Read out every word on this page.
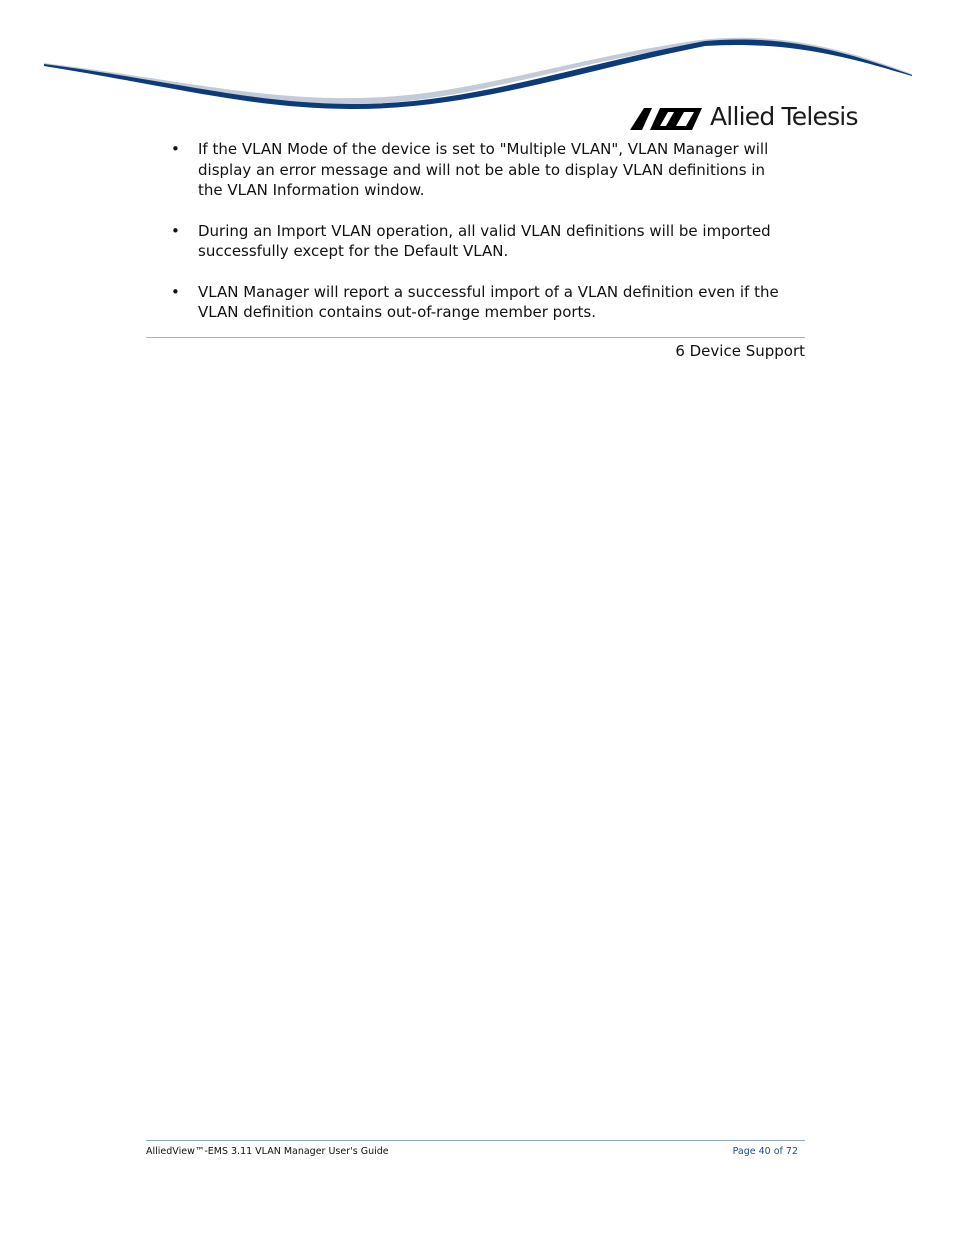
Allied Telesis
• If the VLAN Mode of the device is set to "Multiple VLAN", VLAN Manager will display an error message and will not be able to display VLAN definitions in the VLAN Information window.
• During an Import VLAN operation, all valid VLAN definitions will be imported successfully except for the Default VLAN.
• VLAN Manager will report a successful import of a VLAN definition even if the VLAN definition contains out-of-range member ports.
6 Device Support
AlliedView™-EMS 3.11 VLAN Manager User's Guide	Page 40 of 72
